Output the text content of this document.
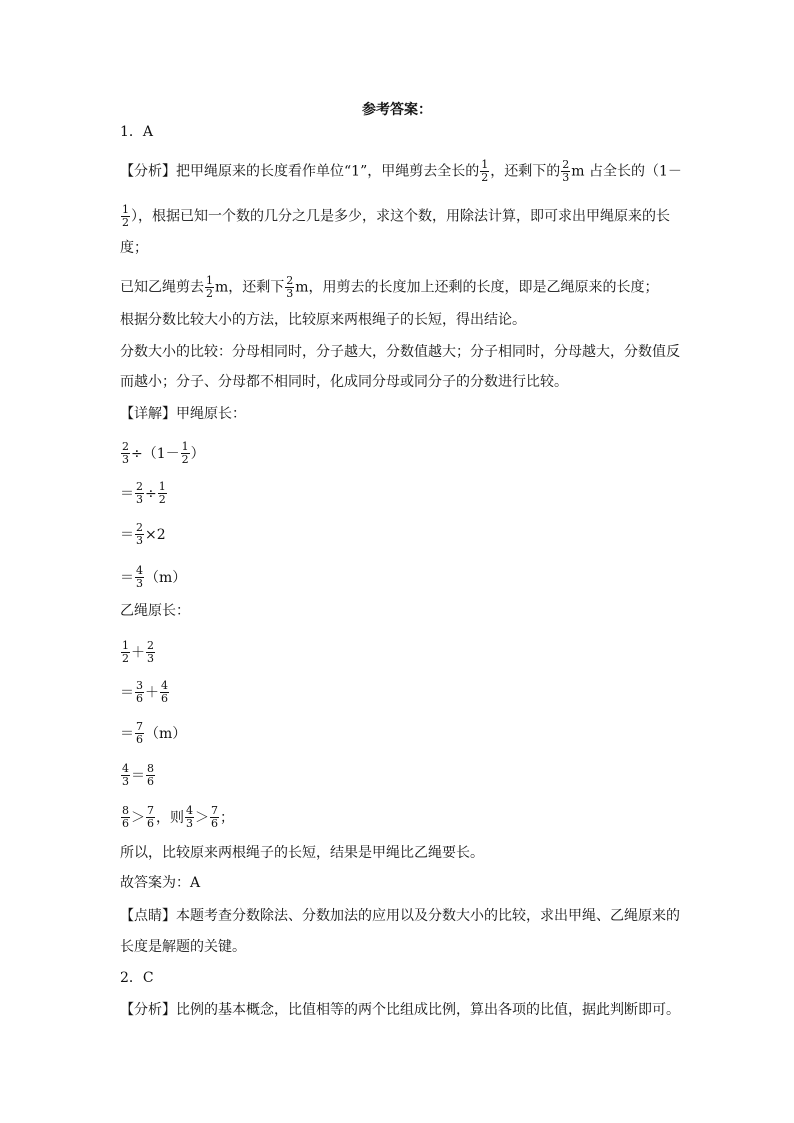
参考答案：
1．A
【分析】把甲绳原来的长度看作单位“1”，甲绳剪去全长的 $\frac{1}{2}$ ，还剩下的 $\frac{2}{3}$ m 占全长的（1－
$\frac{1}{2}$ ），根据已知一个数的几分之几是多少，求这个数，用除法计算，即可求出甲绳原来的长
度；
已知乙绳剪去 $\frac{1}{2}$ m，还剩下 $\frac{2}{3}$ m，用剪去的长度加上还剩的长度，即是乙绳原来的长度；
根据分数比较大小的方法，比较原来两根绳子的长短，得出结论。
分数大小的比较：分母相同时，分子越大，分数值越大；分子相同时，分母越大，分数值反
而越小；分子、分母都不相同时，化成同分母或同分子的分数进行比较。
【详解】甲绳原长：
$\frac{2}{3} \div(1- \frac{1}{2}$ ）
＝ $\frac{2}{3} \div \frac{1}{2}$
＝ $\frac{2}{3} \times 2$
＝ $\frac{4}{3} (m)$
乙绳原长：
$\frac{1}{2} + \frac{2}{3}$
＝ $\frac{3}{6} + \frac{4}{6}$
＝ $\frac{7}{6} (m)$
$\frac{4}{3} = \frac{8}{6}$
$\frac{8}{6} > \frac{7}{6}$ ，则 $\frac{4}{3} > \frac{7}{6}$ ；
所以，比较原来两根绳子的长短，结果是甲绳比乙绳要长。
故答案为：A
【点睛】本题考查分数除法、分数加法的应用以及分数大小的比较，求出甲绳、乙绳原来的
长度是解题的关键。
2．C
【分析】比例的基本概念，比值相等的两个比组成比例，算出各项的比值，据此判断即可。
